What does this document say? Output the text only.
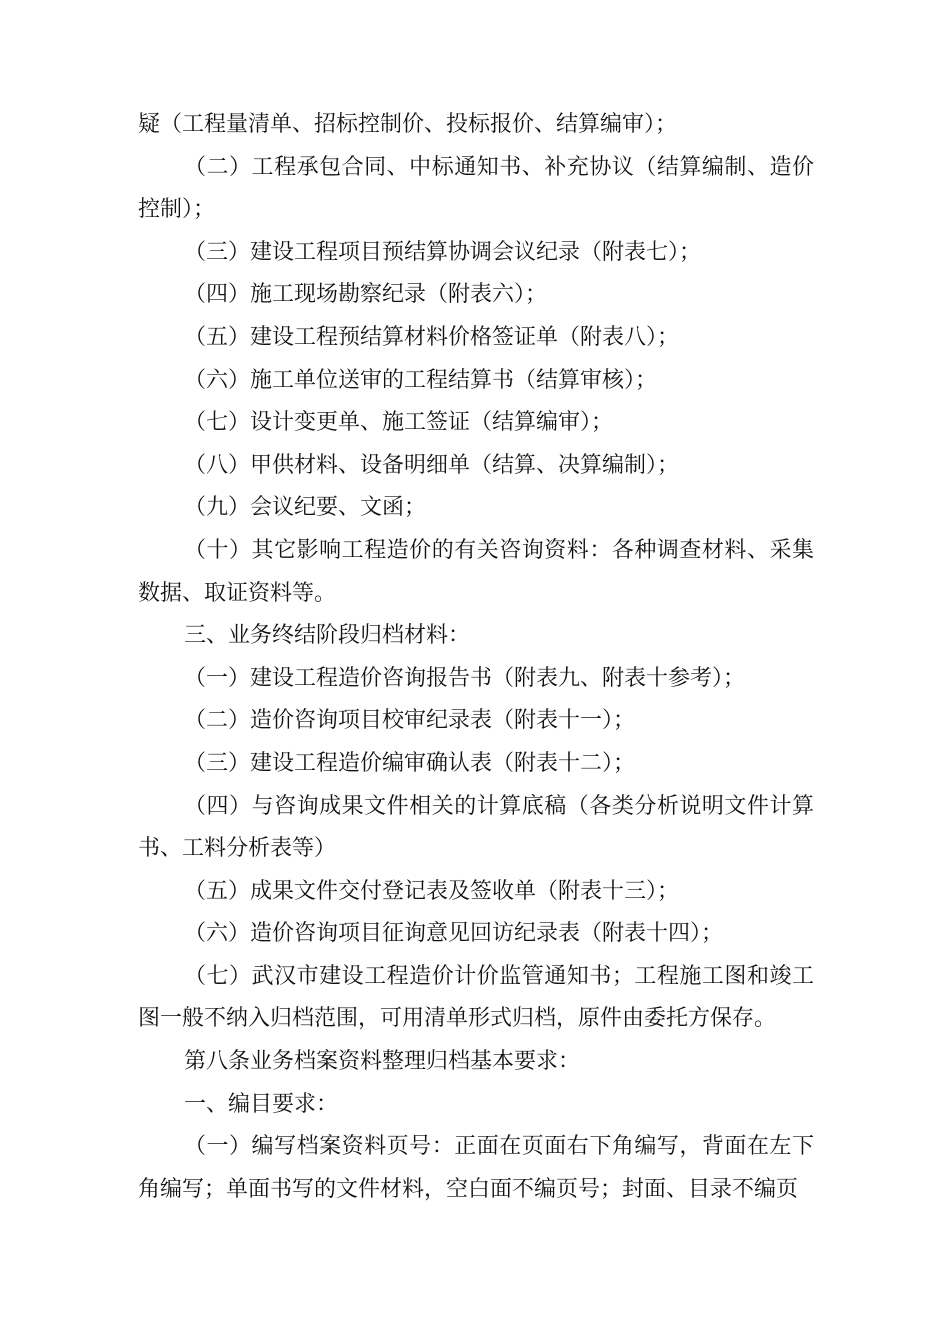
疑（工程量清单、招标控制价、投标报价、结算编审）；

（二）工程承包合同、中标通知书、补充协议（结算编制、造价控制）；

（三）建设工程项目预结算协调会议纪录（附表七）；

（四）施工现场勘察纪录（附表六）；

（五）建设工程预结算材料价格签证单（附表八）；

（六）施工单位送审的工程结算书（结算审核）；

（七）设计变更单、施工签证（结算编审）；

（八）甲供材料、设备明细单（结算、决算编制）；

（九）会议纪要、文函；

（十）其它影响工程造价的有关咨询资料：各种调查材料、采集数据、取证资料等。

三、业务终结阶段归档材料：

（一）建设工程造价咨询报告书（附表九、附表十参考）；

（二）造价咨询项目校审纪录表（附表十一）；

（三）建设工程造价编审确认表（附表十二）；

（四）与咨询成果文件相关的计算底稿（各类分析说明文件计算书、工料分析表等）

（五）成果文件交付登记表及签收单（附表十三）；

（六）造价咨询项目征询意见回访纪录表（附表十四）；

（七）武汉市建设工程造价计价监管通知书；工程施工图和竣工图一般不纳入归档范围，可用清单形式归档，原件由委托方保存。

第八条业务档案资料整理归档基本要求：

一、编目要求：

（一）编写档案资料页号：正面在页面右下角编写，背面在左下角编写；单面书写的文件材料，空白面不编页号；封面、目录不编页
